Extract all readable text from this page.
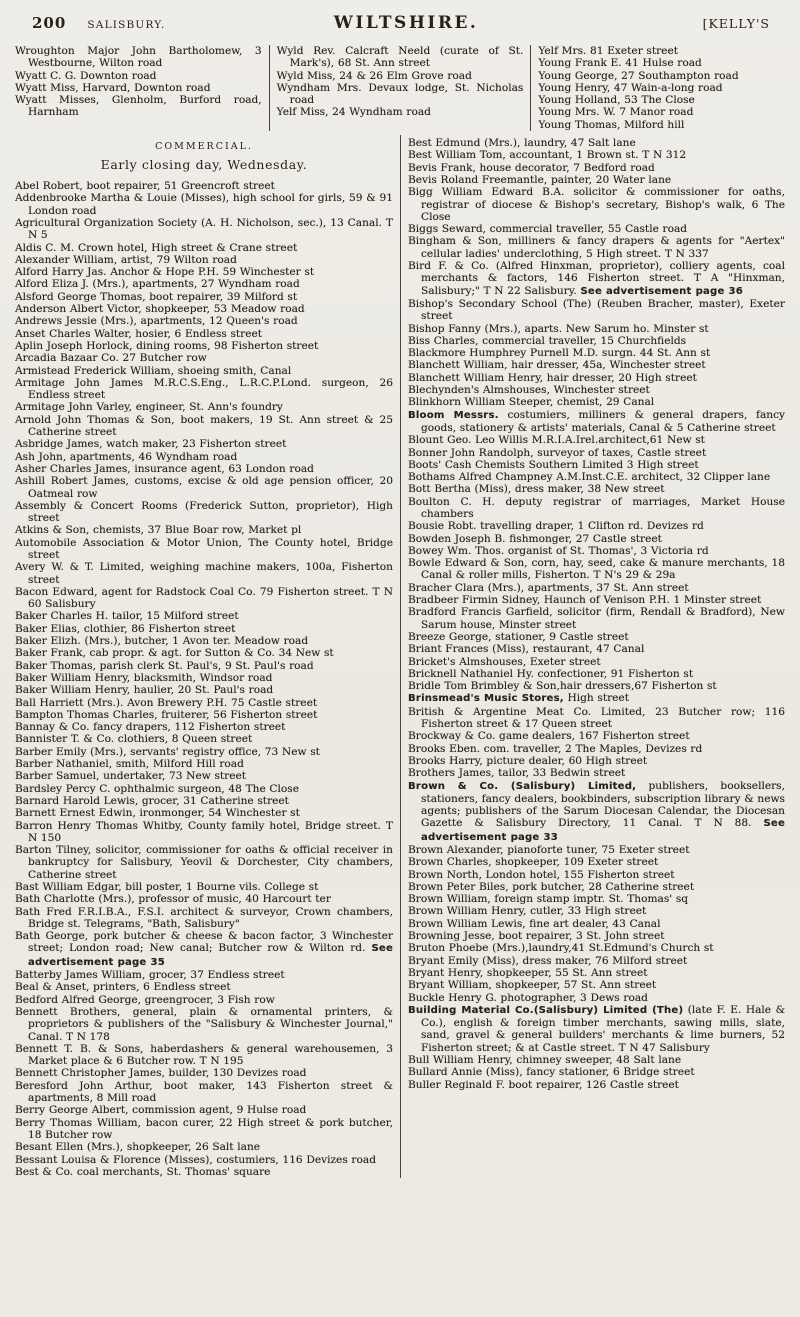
200 SALISBURY.	WILTSHIRE.	[KELLY'S
Wroughton Major John Bartholomew, 3 Westbourne, Wilton road
Wyatt C. G. Downton road
Wyatt Miss, Harvard, Downton road
Wyatt Misses, Glenholm, Burford road, Harnham
Wyld Rev. Calcraft Neeld (curate of St. Mark's), 68 St. Ann street
Wyld Miss, 24 & 26 Elm Grove road
Wyndham Mrs. Devaux lodge, St. Nicholas road
Yelf Miss, 24 Wyndham road
Yelf Mrs. 81 Exeter street
Young Frank E. 41 Hulse road
Young George, 27 Southampton road
Young Henry, 47 Wain-a-long road
Young Holland, 53 The Close
Young Mrs. W. 7 Manor road
Young Thomas, Milford hill
COMMERCIAL.
Early closing day, Wednesday.
Abel Robert, boot repairer, 51 Greencroft street
Addenbrooke Martha & Louie (Misses), high school for girls, 59 & 91 London road
Agricultural Organization Society (A. H. Nicholson, sec.), 13 Canal. T N 5
Aldis C. M. Crown hotel, High street & Crane street
Alexander William, artist, 79 Wilton road
Alford Harry Jas. Anchor & Hope P.H. 59 Winchester st
Alford Eliza J. (Mrs.), apartments, 27 Wyndham road
Alsford George Thomas, boot repairer, 39 Milford st
Anderson Albert Victor, shopkeeper, 53 Meadow road
Andrews Jessie (Mrs.), apartments, 12 Queen's road
Anset Charles Walter, hosier, 6 Endless street
Aplin Joseph Horlock, dining rooms, 98 Fisherton street
Arcadia Bazaar Co. 27 Butcher row
Armistead Frederick William, shoeing smith, Canal
Armitage John James M.R.C.S.Eng., L.R.C.P.Lond. surgeon, 26 Endless street
Armitage John Varley, engineer, St. Ann's foundry
Arnold John Thomas & Son, boot makers, 19 St. Ann street & 25 Catherine street
Asbridge James, watch maker, 23 Fisherton street
Ash John, apartments, 46 Wyndham road
Asher Charles James, insurance agent, 63 London road
Ashill Robert James, customs, excise & old age pension officer, 20 Oatmeal row
Assembly & Concert Rooms (Frederick Sutton, proprietor), High street
Atkins & Son, chemists, 37 Blue Boar row, Market pl
Automobile Association & Motor Union, The County hotel, Bridge street
Avery W. & T. Limited, weighing machine makers, 100a, Fisherton street
Bacon Edward, agent for Radstock Coal Co. 79 Fisherton street. T N 60 Salisbury
Baker Charles H. tailor, 15 Milford street
Baker Elias, clothier, 86 Fisherton street
Baker Elizh. (Mrs.), butcher, 1 Avon ter. Meadow road
Baker Frank, cab propr. & agt. for Sutton & Co. 34 New st
Baker Thomas, parish clerk St. Paul's, 9 St. Paul's road
Baker William Henry, blacksmith, Windsor road
Baker William Henry, haulier, 20 St. Paul's road
Ball Harriett (Mrs.). Avon Brewery P.H. 75 Castle street
Bampton Thomas Charles, fruiterer, 56 Fisherton street
Bannay & Co. fancy drapers, 112 Fisherton street
Bannister T. & Co. clothiers, 8 Queen street
Barber Emily (Mrs.), servants' registry office, 73 New st
Barber Nathaniel, smith, Milford Hill road
Barber Samuel, undertaker, 73 New street
Bardsley Percy C. ophthalmic surgeon, 48 The Close
Barnard Harold Lewis, grocer, 31 Catherine street
Barnett Ernest Edwin, ironmonger, 54 Winchester st
Barron Henry Thomas Whitby, County family hotel, Bridge street. T N 150
Barton Tilney, solicitor, commissioner for oaths & official receiver in bankruptcy for Salisbury, Yeovil & Dorchester, City chambers, Catherine street
Bast William Edgar, bill poster, 1 Bourne vils. College st
Bath Charlotte (Mrs.), professor of music, 40 Harcourt ter
Bath Fred F.R.I.B.A., F.S.I. architect & surveyor, Crown chambers, Bridge st. Telegrams, "Bath, Salisbury"
Bath George, pork butcher & cheese & bacon factor, 3 Winchester street; London road; New canal; Butcher row & Wilton rd. See advertisement page 35
Batterby James William, grocer, 37 Endless street
Beal & Anset, printers, 6 Endless street
Bedford Alfred George, greengrocer, 3 Fish row
Bennett Brothers, general, plain & ornamental printers, & proprietors & publishers of the "Salisbury & Winchester Journal," Canal. T N 178
Bennett T. B. & Sons, haberdashers & general warehousemen, 3 Market place & 6 Butcher row. T N 195
Bennett Christopher James, builder, 130 Devizes road
Beresford John Arthur, boot maker, 143 Fisherton street & apartments, 8 Mill road
Berry George Albert, commission agent, 9 Hulse road
Berry Thomas William, bacon curer, 22 High street & pork butcher, 18 Butcher row
Besant Ellen (Mrs.), shopkeeper, 26 Salt lane
Bessant Louisa & Florence (Misses), costumiers, 116 Devizes road
Best & Co. coal merchants, St. Thomas' square
Best Edmund (Mrs.), laundry, 47 Salt lane
Best William Tom, accountant, 1 Brown st. T N 312
Bevis Frank, house decorator, 7 Bedford road
Bevis Roland Freemantle, painter, 20 Water lane
Bigg William Edward B.A. solicitor & commissioner for oaths, registrar of diocese & Bishop's secretary, Bishop's walk, 6 The Close
Biggs Seward, commercial traveller, 55 Castle road
Bingham & Son, milliners & fancy drapers & agents for "Aertex" cellular ladies' underclothing, 5 High street. T N 337
Bird F. & Co. (Alfred Hinxman, proprietor), colliery agents, coal merchants & factors, 146 Fisherton street. T A "Hinxman, Salisbury;" T N 22 Salisbury. See advertisement page 36
Bishop's Secondary School (The) (Reuben Bracher, master), Exeter street
Bishop Fanny (Mrs.), aparts. New Sarum ho. Minster st
Biss Charles, commercial traveller, 15 Churchfields
Blackmore Humphrey Purnell M.D. surgn. 44 St. Ann st
Blanchett William, hair dresser, 45a, Winchester street
Blanchett William Henry, hair dresser, 20 High street
Blechynden's Almshouses, Winchester street
Blinkhorn William Steeper, chemist, 29 Canal
Bloom Messrs. costumiers, milliners & general drapers, fancy goods, stationery & artists' materials, Canal & 5 Catherine street
Blount Geo. Leo Willis M.R.I.A.Irel.architect,61 New st
Bonner John Randolph, surveyor of taxes, Castle street
Boots' Cash Chemists Southern Limited 3 High street
Bothams Alfred Champney A.M.Inst.C.E. architect, 32 Clipper lane
Bott Bertha (Miss), dress maker, 38 New street
Boulton C. H. deputy registrar of marriages, Market House chambers
Bousie Robt. travelling draper, 1 Clifton rd. Devizes rd
Bowden Joseph B. fishmonger, 27 Castle street
Bowey Wm. Thos. organist of St. Thomas', 3 Victoria rd
Bowle Edward & Son, corn, hay, seed, cake & manure merchants, 18 Canal & roller mills, Fisherton. T N's 29 & 29a
Bracher Clara (Mrs.), apartments, 37 St. Ann street
Bradbeer Firmin Sidney, Haunch of Venison P.H. 1 Minster street
Bradford Francis Garfield, solicitor (firm, Rendall & Bradford), New Sarum house, Minster street
Breeze George, stationer, 9 Castle street
Briant Frances (Miss), restaurant, 47 Canal
Bricket's Almshouses, Exeter street
Bricknell Nathaniel Hy. confectioner, 91 Fisherton st
Bridle Tom Brimbley & Son,hair dressers,67 Fisherton st
Brinsmead's Music Stores, High street
British & Argentine Meat Co. Limited, 23 Butcher row; 116 Fisherton street & 17 Queen street
Brockway & Co. game dealers, 167 Fisherton street
Brooks Eben. com. traveller, 2 The Maples, Devizes rd
Brooks Harry, picture dealer, 60 High street
Brothers James, tailor, 33 Bedwin street
Brown & Co. (Salisbury) Limited, publishers, booksellers, stationers, fancy dealers, bookbinders, subscription library & news agents; publishers of the Sarum Diocesan Calendar, the Diocesan Gazette & Salisbury Directory, 11 Canal. T N 88. See advertisement page 33
Brown Alexander, pianoforte tuner, 75 Exeter street
Brown Charles, shopkeeper, 109 Exeter street
Brown North, London hotel, 155 Fisherton street
Brown Peter Biles, pork butcher, 28 Catherine street
Brown William, foreign stamp imptr. St. Thomas' sq
Brown William Henry, cutler, 33 High street
Brown William Lewis, fine art dealer, 43 Canal
Browning Jesse, boot repairer, 3 St. John street
Bruton Phoebe (Mrs.),laundry,41 St.Edmund's Church st
Bryant Emily (Miss), dress maker, 76 Milford street
Bryant Henry, shopkeeper, 55 St. Ann street
Bryant William, shopkeeper, 57 St. Ann street
Buckle Henry G. photographer, 3 Dews road
Building Material Co.(Salisbury) Limited (The) (late F. E. Hale & Co.), english & foreign timber merchants, sawing mills, slate, sand, gravel & general builders' merchants & lime burners, 52 Fisherton street; & at Castle street. T N 47 Salisbury
Bull William Henry, chimney sweeper, 48 Salt lane
Bullard Annie (Miss), fancy stationer, 6 Bridge street
Buller Reginald F. boot repairer, 126 Castle street
